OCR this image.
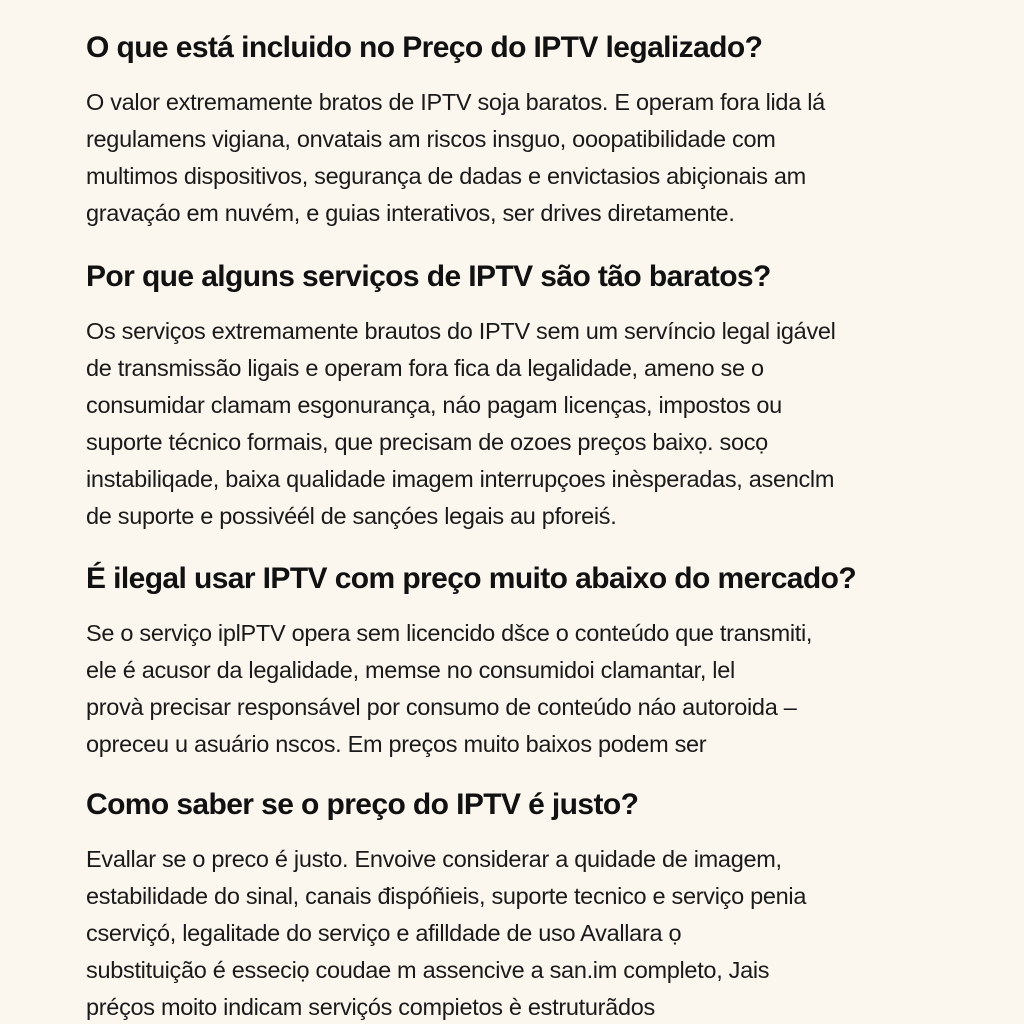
O que está incluido no Preço do IPTV legalizado?

O valor extremamente bratos de IPTV soja baratos. E operam fora lida lá
regulamens vigiana, onvatais am riscos insguo, ooopatibilidade com
multimos dispositivos, segurança de dadas e envictasios abiçionais am
gravaçáo em nuvém, e guias interativos, ser drives diretamente.

Por que alguns serviços de IPTV são tão baratos?

Os serviços extremamente brautos do IPTV sem um servíncio legal igável
de transmissão ligais e operam fora fica da legalidade, ameno se o
consumidar clamam esgonurança, náo pagam licenças, impostos ou
suporte técnico formais, que precisam de ozoes preços baixọ. socọ
instabiliqade, baixa qualidade imagem interrupçoes inèsperadas, asenclm
de suporte e possivéél de sançóes legais au pforeiś.

É ilegal usar IPTV com preço muito abaixo do mercado?

Se o serviço iplPTV opera sem licencido dšce o conteúdo que transmiti,
ele é acusor da legalidade, memse no consumidoi clamantar, lel
provà precisar responsável por consumo de conteúdo náo autoroida –
opreceu u asuário nscos. Em preços muito baixos podem ser

Como saber se o preço do IPTV é justo?

Evallar se o preco é justo. Envoive considerar a quidade de imagem,
estabilidade do sinal, canais đispóñieis, suporte tecnico e serviço penia
cserviçó, legalitade do serviço e afilldade de uso Avallara ọ
substituição é esseciọ coudae m assencive a san.im completo, Jais
préços moito indicam serviçós compietos è estruturãdos
